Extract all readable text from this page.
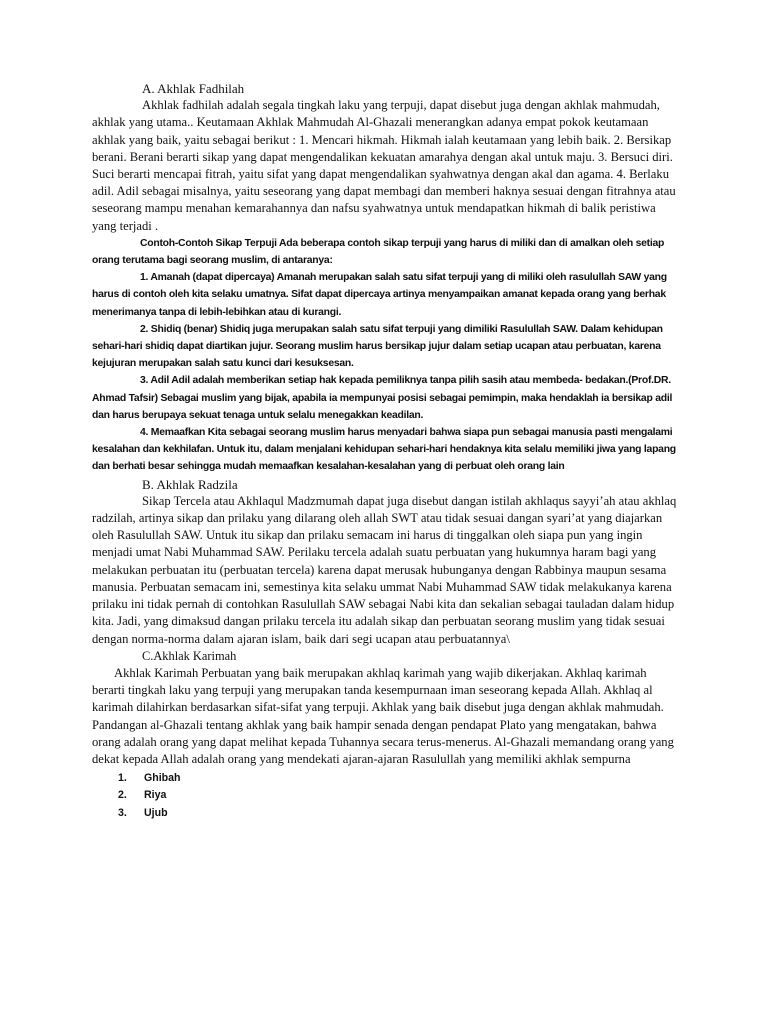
A. Akhlak Fadhilah

Akhlak fadhilah adalah segala tingkah laku yang terpuji, dapat disebut juga dengan akhlak mahmudah, akhlak yang utama.. Keutamaan Akhlak Mahmudah Al-Ghazali menerangkan adanya empat pokok keutamaan akhlak yang baik, yaitu sebagai berikut : 1. Mencari hikmah. Hikmah ialah keutamaan yang lebih baik. 2. Bersikap berani. Berani berarti sikap yang dapat mengendalikan kekuatan amarahya dengan akal untuk maju. 3. Bersuci diri. Suci berarti mencapai fitrah, yaitu sifat yang dapat mengendalikan syahwatnya dengan akal dan agama. 4. Berlaku adil. Adil sebagai misalnya, yaitu seseorang yang dapat membagi dan memberi haknya sesuai dengan fitrahnya atau seseorang mampu menahan kemarahannya dan nafsu syahwatnya untuk mendapatkan hikmah di balik peristiwa yang terjadi .

Contoh-Contoh Sikap Terpuji Ada beberapa contoh sikap terpuji yang harus di miliki dan di amalkan oleh setiap orang terutama bagi seorang muslim, di antaranya:

1. Amanah (dapat dipercaya) Amanah merupakan salah satu sifat terpuji yang di miliki oleh rasulullah SAW yang harus di contoh oleh kita selaku umatnya. Sifat dapat dipercaya artinya menyampaikan amanat kepada orang yang berhak menerimanya tanpa di lebih-lebihkan atau di kurangi.

2. Shidiq (benar) Shidiq juga merupakan salah satu sifat terpuji yang dimiliki Rasulullah SAW. Dalam kehidupan sehari-hari shidiq dapat diartikan jujur. Seorang muslim harus bersikap jujur dalam setiap ucapan atau perbuatan, karena kejujuran merupakan salah satu kunci dari kesuksesan.

3. Adil Adil adalah memberikan setiap hak kepada pemiliknya tanpa pilih sasih atau membeda- bedakan.(Prof.DR. Ahmad Tafsir) Sebagai muslim yang bijak, apabila ia mempunyai posisi sebagai pemimpin, maka hendaklah ia bersikap adil dan harus berupaya sekuat tenaga untuk selalu menegakkan keadilan.

4. Memaafkan Kita sebagai seorang muslim harus menyadari bahwa siapa pun sebagai manusia pasti mengalami kesalahan dan kekhilafan. Untuk itu, dalam menjalani kehidupan sehari-hari hendaknya kita selalu memiliki jiwa yang lapang dan berhati besar sehingga mudah memaafkan kesalahan-kesalahan yang di perbuat oleh orang lain

B. Akhlak Radzila

Sikap Tercela atau Akhlaqul Madzmumah dapat juga disebut dangan istilah akhlaqus sayyi’ah atau akhlaq radzilah, artinya sikap dan prilaku yang dilarang oleh allah SWT atau tidak sesuai dangan syari’at yang diajarkan oleh Rasulullah SAW. Untuk itu sikap dan prilaku semacam ini harus di tinggalkan oleh siapa pun yang ingin menjadi umat Nabi Muhammad SAW. Perilaku tercela adalah suatu perbuatan yang hukumnya haram bagi yang melakukan perbuatan itu (perbuatan tercela) karena dapat merusak hubunganya dengan Rabbinya maupun sesama manusia. Perbuatan semacam ini, semestinya kita selaku ummat Nabi Muhammad SAW tidak melakukanya karena prilaku ini tidak pernah di contohkan Rasulullah SAW sebagai Nabi kita dan sekalian sebagai tauladan dalam hidup kita. Jadi, yang dimaksud dangan prilaku tercela itu adalah sikap dan perbuatan seorang muslim yang tidak sesuai dengan norma-norma dalam ajaran islam, baik dari segi ucapan atau perbuatannya\

C.Akhlak Karimah

Akhlak Karimah Perbuatan yang baik merupakan akhlaq karimah yang wajib dikerjakan. Akhlaq karimah berarti tingkah laku yang terpuji yang merupakan tanda kesempurnaan iman seseorang kepada Allah. Akhlaq al karimah dilahirkan berdasarkan sifat-sifat yang terpuji. Akhlak yang baik disebut juga dengan akhlak mahmudah. Pandangan al-Ghazali tentang akhlak yang baik hampir senada dengan pendapat Plato yang mengatakan, bahwa orang adalah orang yang dapat melihat kepada Tuhannya secara terus-menerus. Al-Ghazali memandang orang yang dekat kepada Allah adalah orang yang mendekati ajaran-ajaran Rasulullah yang memiliki akhlak sempurna

1.	Ghibah
2.	Riya
3.	Ujub
